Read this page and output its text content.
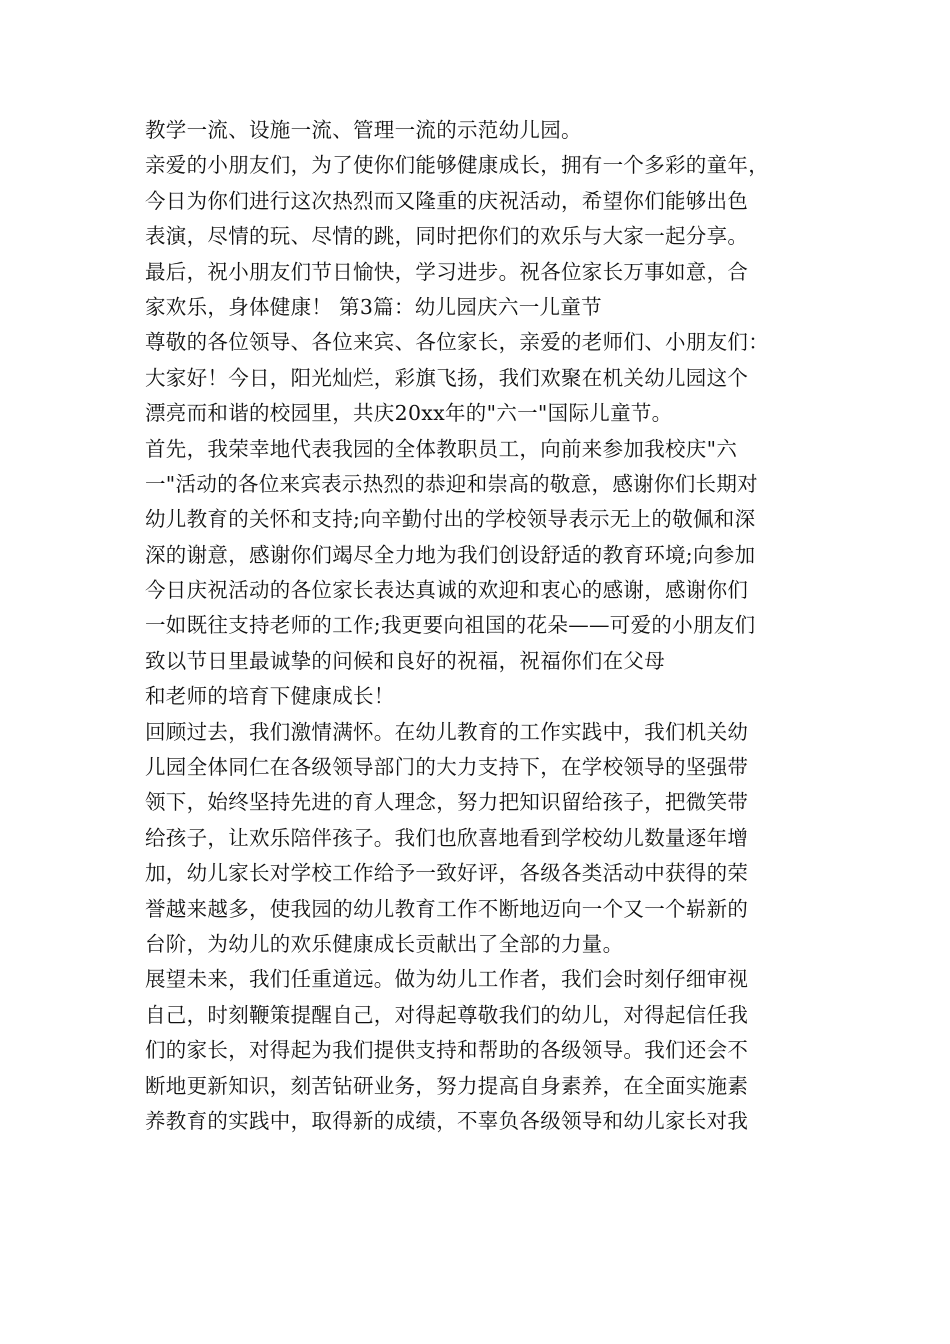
教学一流、设施一流、管理一流的示范幼儿园。
亲爱的小朋友们，为了使你们能够健康成长，拥有一个多彩的童年，
今日为你们进行这次热烈而又隆重的庆祝活动，希望你们能够出色
表演，尽情的玩、尽情的跳，同时把你们的欢乐与大家一起分享。
最后，祝小朋友们节日愉快，学习进步。祝各位家长万事如意，合
家欢乐，身体健康！ 第3篇：幼儿园庆六一儿童节
尊敬的各位领导、各位来宾、各位家长，亲爱的老师们、小朋友们：
大家好！今日，阳光灿烂，彩旗飞扬，我们欢聚在机关幼儿园这个
漂亮而和谐的校园里，共庆20xx年的"六一"国际儿童节。
首先，我荣幸地代表我园的全体教职员工，向前来参加我校庆"六
一"活动的各位来宾表示热烈的恭迎和崇高的敬意，感谢你们长期对
幼儿教育的关怀和支持;向辛勤付出的学校领导表示无上的敬佩和深
深的谢意，感谢你们竭尽全力地为我们创设舒适的教育环境;向参加
今日庆祝活动的各位家长表达真诚的欢迎和衷心的感谢，感谢你们
一如既往支持老师的工作;我更要向祖国的花朵——可爱的小朋友们
致以节日里最诚挚的问候和良好的祝福，祝福你们在父母
和老师的培育下健康成长！
回顾过去，我们激情满怀。在幼儿教育的工作实践中，我们机关幼
儿园全体同仁在各级领导部门的大力支持下，在学校领导的坚强带
领下，始终坚持先进的育人理念，努力把知识留给孩子，把微笑带
给孩子，让欢乐陪伴孩子。我们也欣喜地看到学校幼儿数量逐年增
加，幼儿家长对学校工作给予一致好评，各级各类活动中获得的荣
誉越来越多，使我园的幼儿教育工作不断地迈向一个又一个崭新的
台阶，为幼儿的欢乐健康成长贡献出了全部的力量。
展望未来，我们任重道远。做为幼儿工作者，我们会时刻仔细审视
自己，时刻鞭策提醒自己，对得起尊敬我们的幼儿，对得起信任我
们的家长，对得起为我们提供支持和帮助的各级领导。我们还会不
断地更新知识，刻苦钻研业务，努力提高自身素养，在全面实施素
养教育的实践中，取得新的成绩，不辜负各级领导和幼儿家长对我
